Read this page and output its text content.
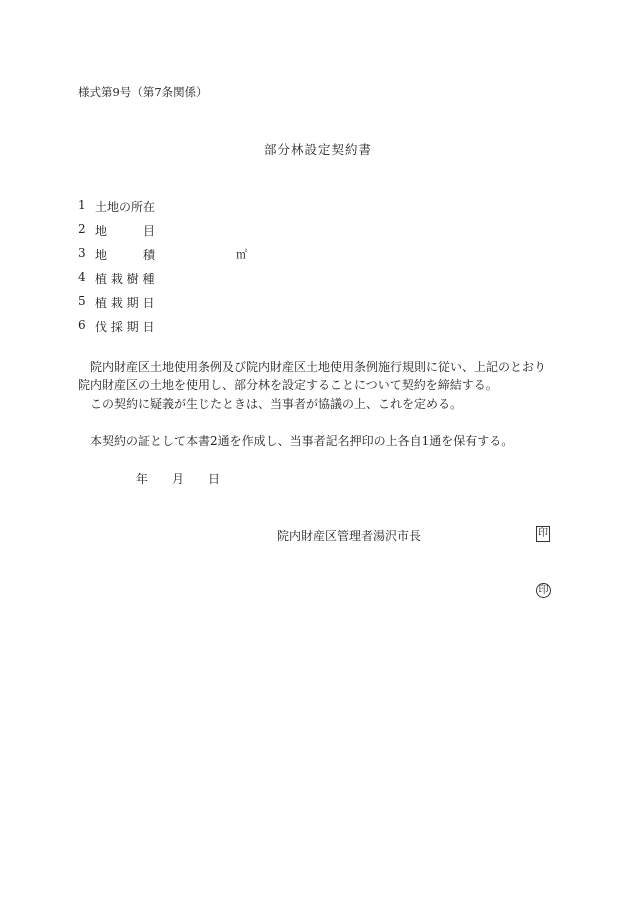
様式第9号（第7条関係）
部分林設定契約書
1 土地の所在
2 地　　　目
3 地　　　積	㎡
4 植 栽 樹 種
5 植 栽 期 日
6 伐 採 期 日
院内財産区土地使用条例及び院内財産区土地使用条例施行規則に従い、上記のとおり院内財産区の土地を使用し、部分林を設定することについて契約を締結する。
この契約に疑義が生じたときは、当事者が協議の上、これを定める。
本契約の証として本書2通を作成し、当事者記名押印の上各自1通を保有する。
年 月 日
院内財産区管理者湯沢市長	印
印
